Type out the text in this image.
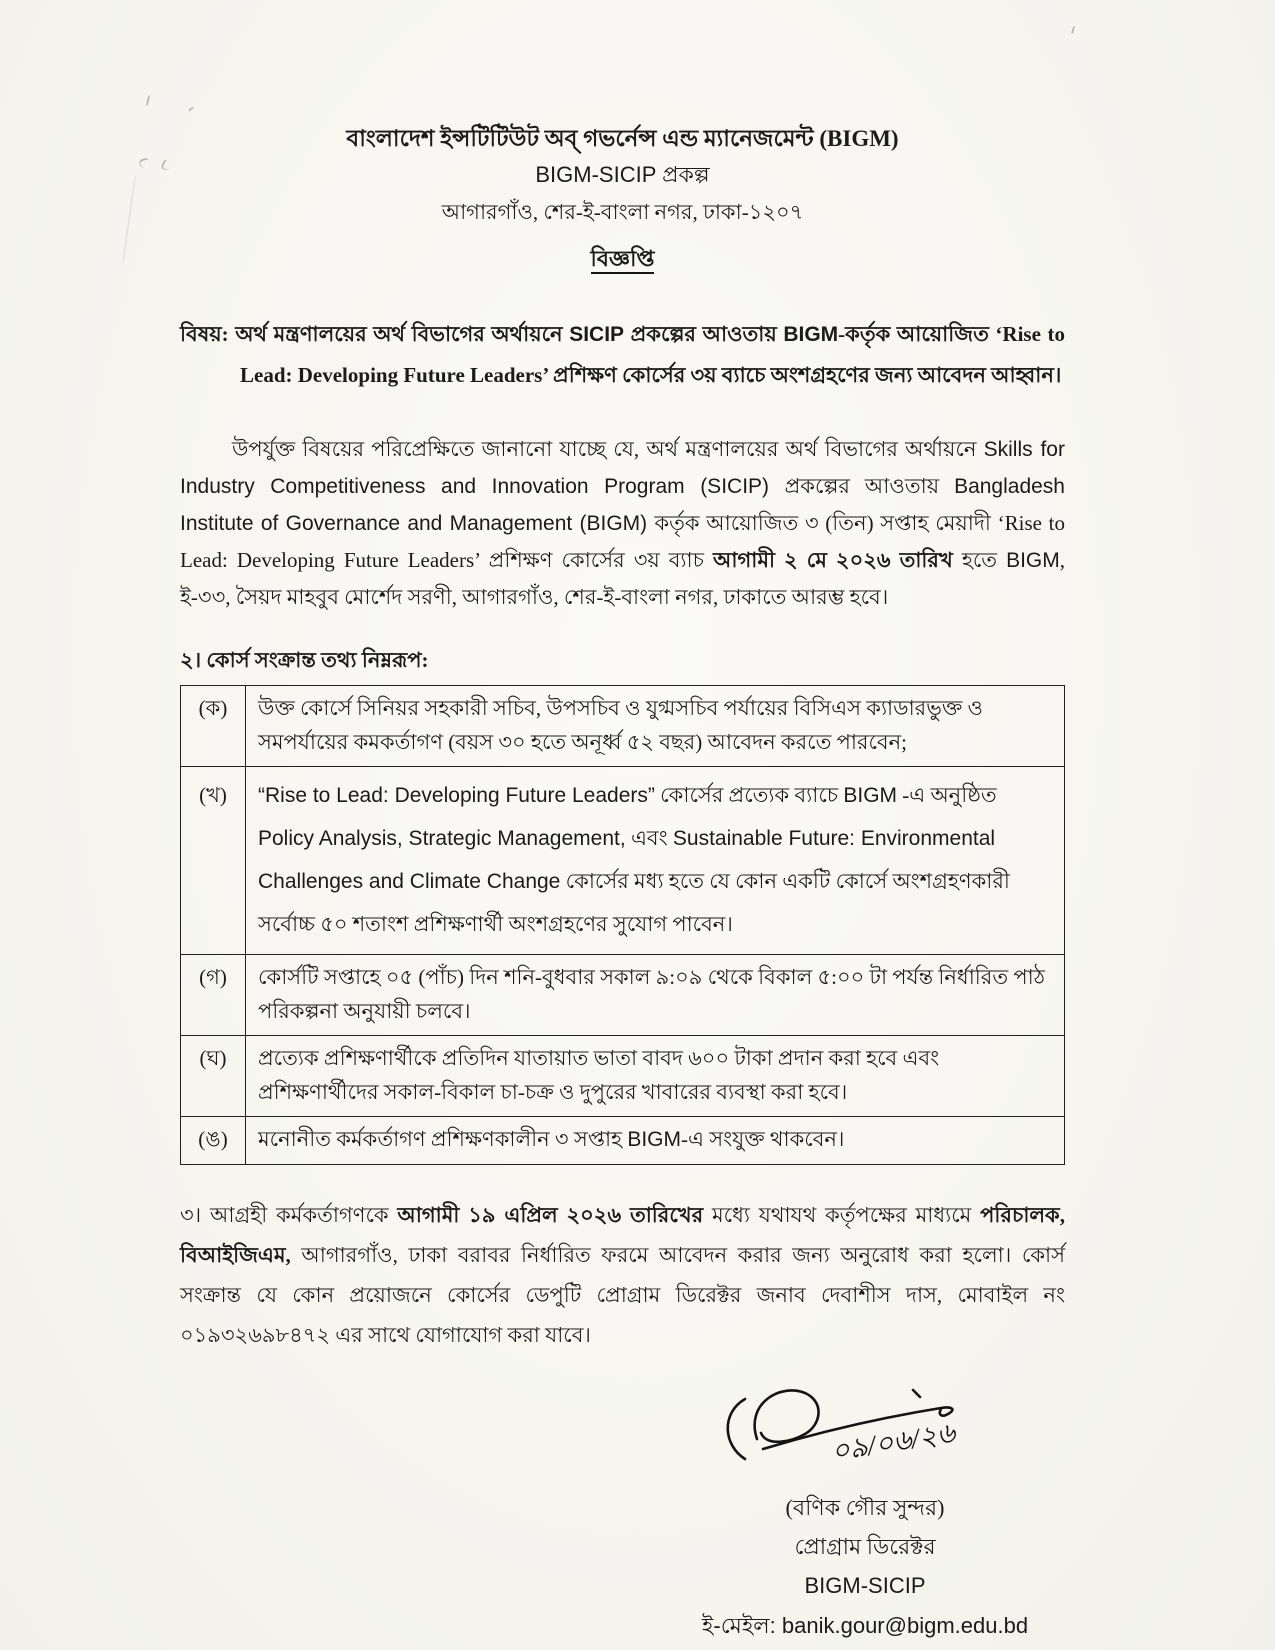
বাংলাদেশ ইন্সটিটিউট অব্ গভর্নেন্স এন্ড ম্যানেজমেন্ট (BIGM)
BIGM-SICIP প্রকল্প
আগারগাঁও, শের-ই-বাংলা নগর, ঢাকা-১২০৭
বিজ্ঞপ্তি
বিষয়: অর্থ মন্ত্রণালয়ের অর্থ বিভাগের অর্থায়নে SICIP প্রকল্পের আওতায় BIGM-কর্তৃক আয়োজিত ‘Rise to Lead: Developing Future Leaders’ প্রশিক্ষণ কোর্সের ৩য় ব্যাচে অংশগ্রহণের জন্য আবেদন আহ্বান।

উপর্যুক্ত বিষয়ের পরিপ্রেক্ষিতে জানানো যাচ্ছে যে, অর্থ মন্ত্রণালয়ের অর্থ বিভাগের অর্থায়নে Skills for Industry Competitiveness and Innovation Program (SICIP) প্রকল্পের আওতায় Bangladesh Institute of Governance and Management (BIGM) কর্তৃক আয়োজিত ৩ (তিন) সপ্তাহ মেয়াদী ‘Rise to Lead: Developing Future Leaders’ প্রশিক্ষণ কোর্সের ৩য় ব্যাচ আগামী ২ মে ২০২৬ তারিখ হতে BIGM, ই-৩৩, সৈয়দ মাহবুব মোর্শেদ সরণী, আগারগাঁও, শের-ই-বাংলা নগর, ঢাকাতে আরম্ভ হবে।

২। কোর্স সংক্রান্ত তথ্য নিম্নরূপ:
(ক)	উক্ত কোর্সে সিনিয়র সহকারী সচিব, উপসচিব ও যুগ্মসচিব পর্যায়ের বিসিএস ক্যাডারভুক্ত ও সমপর্যায়ের কমকর্তাগণ (বয়স ৩০ হতে অনূর্ধ্ব ৫২ বছর) আবেদন করতে পারবেন;
(খ)	“Rise to Lead: Developing Future Leaders” কোর্সের প্রত্যেক ব্যাচে BIGM -এ অনুষ্ঠিত Policy Analysis, Strategic Management, এবং Sustainable Future: Environmental Challenges and Climate Change কোর্সের মধ্য হতে যে কোন একটি কোর্সে অংশগ্রহণকারী সর্বোচ্চ ৫০ শতাংশ প্রশিক্ষণার্থী অংশগ্রহণের সুযোগ পাবেন।
(গ)	কোর্সটি সপ্তাহে ০৫ (পাঁচ) দিন শনি-বুধবার সকাল ৯:০৯ থেকে বিকাল ৫:০০ টা পর্যন্ত নির্ধারিত পাঠ পরিকল্পনা অনুযায়ী চলবে।
(ঘ)	প্রত্যেক প্রশিক্ষণার্থীকে প্রতিদিন যাতায়াত ভাতা বাবদ ৬০০ টাকা প্রদান করা হবে এবং প্রশিক্ষণার্থীদের সকাল-বিকাল চা-চক্র ও দুপুরের খাবারের ব্যবস্থা করা হবে।
(ঙ)	মনোনীত কর্মকর্তাগণ প্রশিক্ষণকালীন ৩ সপ্তাহ BIGM-এ সংযুক্ত থাকবেন।

৩। আগ্রহী কর্মকর্তাগণকে আগামী ১৯ এপ্রিল ২০২৬ তারিখের মধ্যে যথাযথ কর্তৃপক্ষের মাধ্যমে পরিচালক, বিআইজিএম, আগারগাঁও, ঢাকা বরাবর নির্ধারিত ফরমে আবেদন করার জন্য অনুরোধ করা হলো। কোর্স সংক্রান্ত যে কোন প্রয়োজনে কোর্সের ডেপুটি প্রোগ্রাম ডিরেক্টর জনাব দেবাশীস দাস, মোবাইল নং ০১৯৩২৬৯৮৪৭২ এর সাথে যোগাযোগ করা যাবে।

০৯/০৬/২৬
(বণিক গৌর সুন্দর)
প্রোগ্রাম ডিরেক্টর
BIGM-SICIP
ই-মেইল: banik.gour@bigm.edu.bd
